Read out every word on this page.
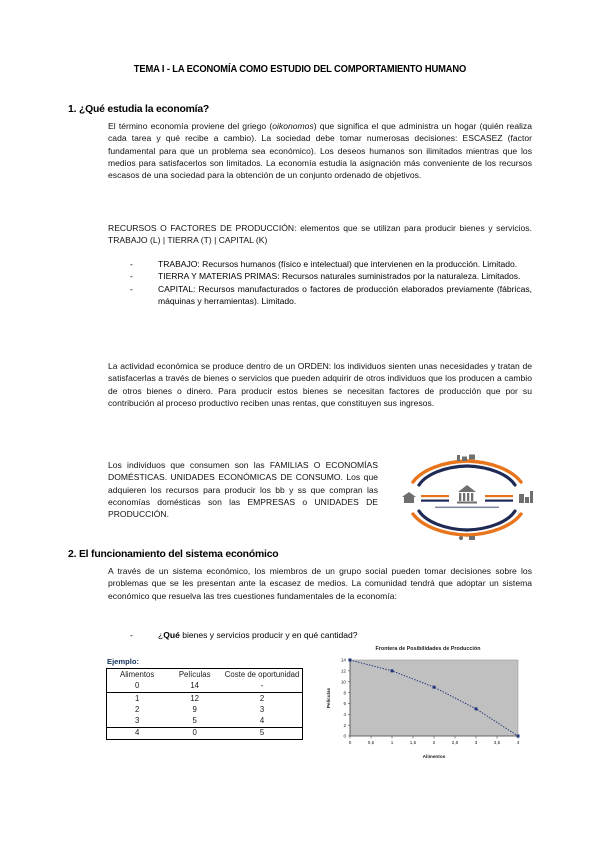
TEMA I - LA ECONOMÍA COMO ESTUDIO DEL COMPORTAMIENTO HUMANO
1. ¿Qué estudia la economía?
El término economía proviene del griego (oikonomos) que significa el que administra un hogar (quién realiza cada tarea y qué recibe a cambio). La sociedad debe tomar numerosas decisiones: ESCASEZ (factor fundamental para que un problema sea económico). Los deseos humanos son ilimitados mientras que los medios para satisfacerlos son limitados. La economía estudia la asignación más conveniente de los recursos escasos de una sociedad para la obtención de un conjunto ordenado de objetivos.
RECURSOS O FACTORES DE PRODUCCIÓN: elementos que se utilizan para producir bienes y servicios. TRABAJO (L) | TIERRA (T) | CAPITAL (K)
-	TRABAJO: Recursos humanos (físico e intelectual) que intervienen en la producción. Limitado.
-	TIERRA Y MATERIAS PRIMAS: Recursos naturales suministrados por la naturaleza. Limitados.
-	CAPITAL: Recursos manufacturados o factores de producción elaborados previamente (fábricas, máquinas y herramientas). Limitado.
La actividad económica se produce dentro de un ORDEN: los individuos sienten unas necesidades y tratan de satisfacerlas a través de bienes o servicios que pueden adquirir de otros individuos que los producen a cambio de otros bienes o dinero. Para producir estos bienes se necesitan factores de producción que por su contribución al proceso productivo reciben unas rentas, que constituyen sus ingresos.
Los individuos que consumen son las FAMILIAS O ECONOMÍAS DOMÉSTICAS. UNIDADES ECONÓMICAS DE CONSUMO. Los que adquieren los recursos para producir los bb y ss que compran las economías domésticas son las EMPRESAS o UNIDADES DE PRODUCCIÓN.
2. El funcionamiento del sistema económico
A través de un sistema económico, los miembros de un grupo social pueden tomar decisiones sobre los problemas que se les presentan ante la escasez de medios. La comunidad tendrá que adoptar un sistema económico que resuelva las tres cuestiones fundamentales de la economía:
-	¿Qué bienes y servicios producir y en qué cantidad?
Ejemplo:
Alimentos	Películas	Coste de oportunidad
0	14	-
1	12	2
2	9	3
3	5	4
4	0	5
Frontera de Posibilidades de Producción
0
2
4
6
8
10
12
14
0	0,5	1	1,5	2	2,5	3	3,5	4
Alimentos
Películas
